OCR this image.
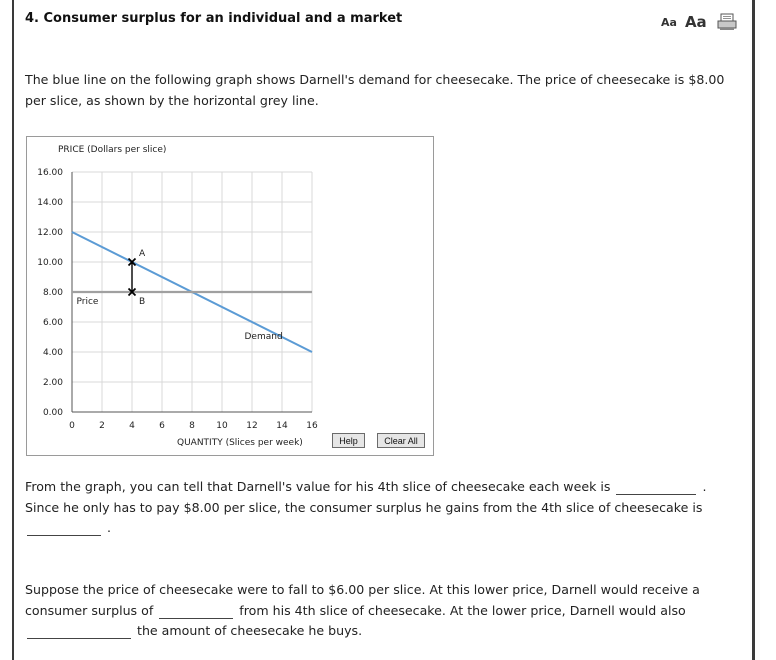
4. Consumer surplus for an individual and a market	Aa Aa
The blue line on the following graph shows Darnell's demand for cheesecake. The price of cheesecake is $8.00 per slice, as shown by the horizontal grey line.
0.00
2.00
4.00
6.00
8.00
10.00
12.00
14.00
16.00
0	2	4	6	8 10 12 14 16
PRICE (Dollars per slice)
QUANTITY (Slices per week)
Price
Demand
A
B
Help	Clear All
From the graph, you can tell that Darnell's value for his 4th slice of cheesecake each week is	.
Since he only has to pay $8.00 per slice, the consumer surplus he gains from the 4th slice of cheesecake is
.
Suppose the price of cheesecake were to fall to $6.00 per slice. At this lower price, Darnell would receive a consumer surplus of	from his 4th slice of cheesecake. At the lower price, Darnell would also
the amount of cheesecake he buys.
